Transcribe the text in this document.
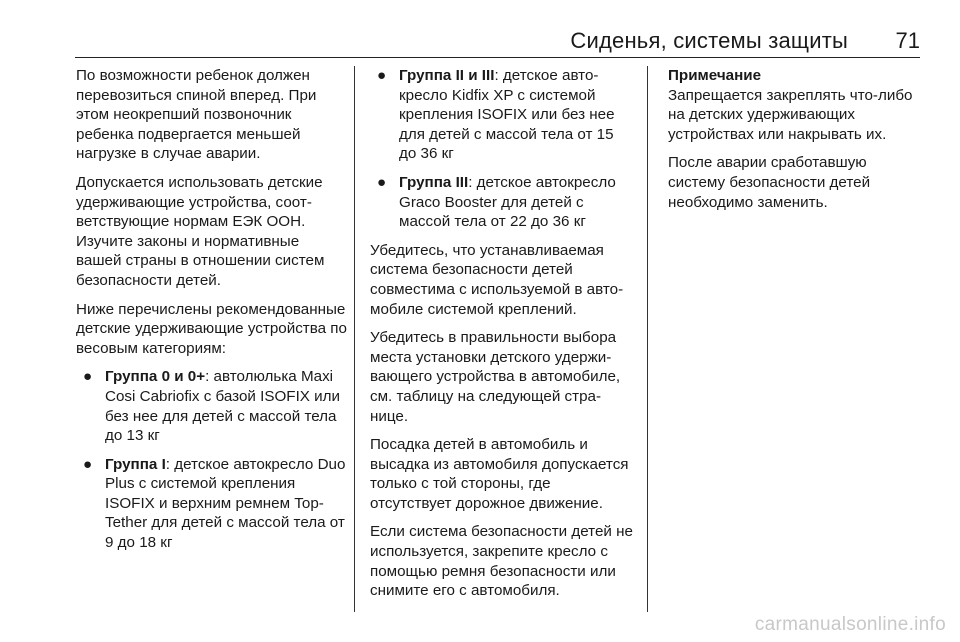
Сиденья, системы защиты 71

По возможности ребенок должен перевозиться спиной вперед. При этом неокрепший позвоночник ребенка подвергается меньшей нагрузке в случае аварии.

Допускается использовать детские удерживающие устройства, соответствующие нормам ЕЭК ООН. Изучите законы и нормативные вашей страны в отношении систем безопасности детей.

Ниже перечислены рекомендованные детские удерживающие устройства по весовым категориям:

● Группа 0 и 0+: автолюлька Maxi Cosi Cabriofix с базой ISOFIX или без нее для детей с массой тела до 13 кг
● Группа I: детское автокресло Duo Plus с системой крепления ISOFIX и верхним ремнем Top-Tether для детей с массой тела от 9 до 18 кг
● Группа II и III: детское автокресло Kidfix XP с системой крепления ISOFIX или без нее для детей с массой тела от 15 до 36 кг
● Группа III: детское автокресло Graco Booster для детей с массой тела от 22 до 36 кг

Убедитесь, что устанавливаемая система безопасности детей совместима с используемой в автомобиле системой креплений.

Убедитесь в правильности выбора места установки детского удерживающего устройства в автомобиле, см. таблицу на следующей странице.

Посадка детей в автомобиль и высадка из автомобиля допускается только с той стороны, где отсутствует дорожное движение.

Если система безопасности детей не используется, закрепите кресло с помощью ремня безопасности или снимите его с автомобиля.

Примечание

Запрещается закреплять что-либо на детских удерживающих устройствах или накрывать их.

После аварии сработавшую систему безопасности детей необходимо заменить.

carmanualsonline.info
